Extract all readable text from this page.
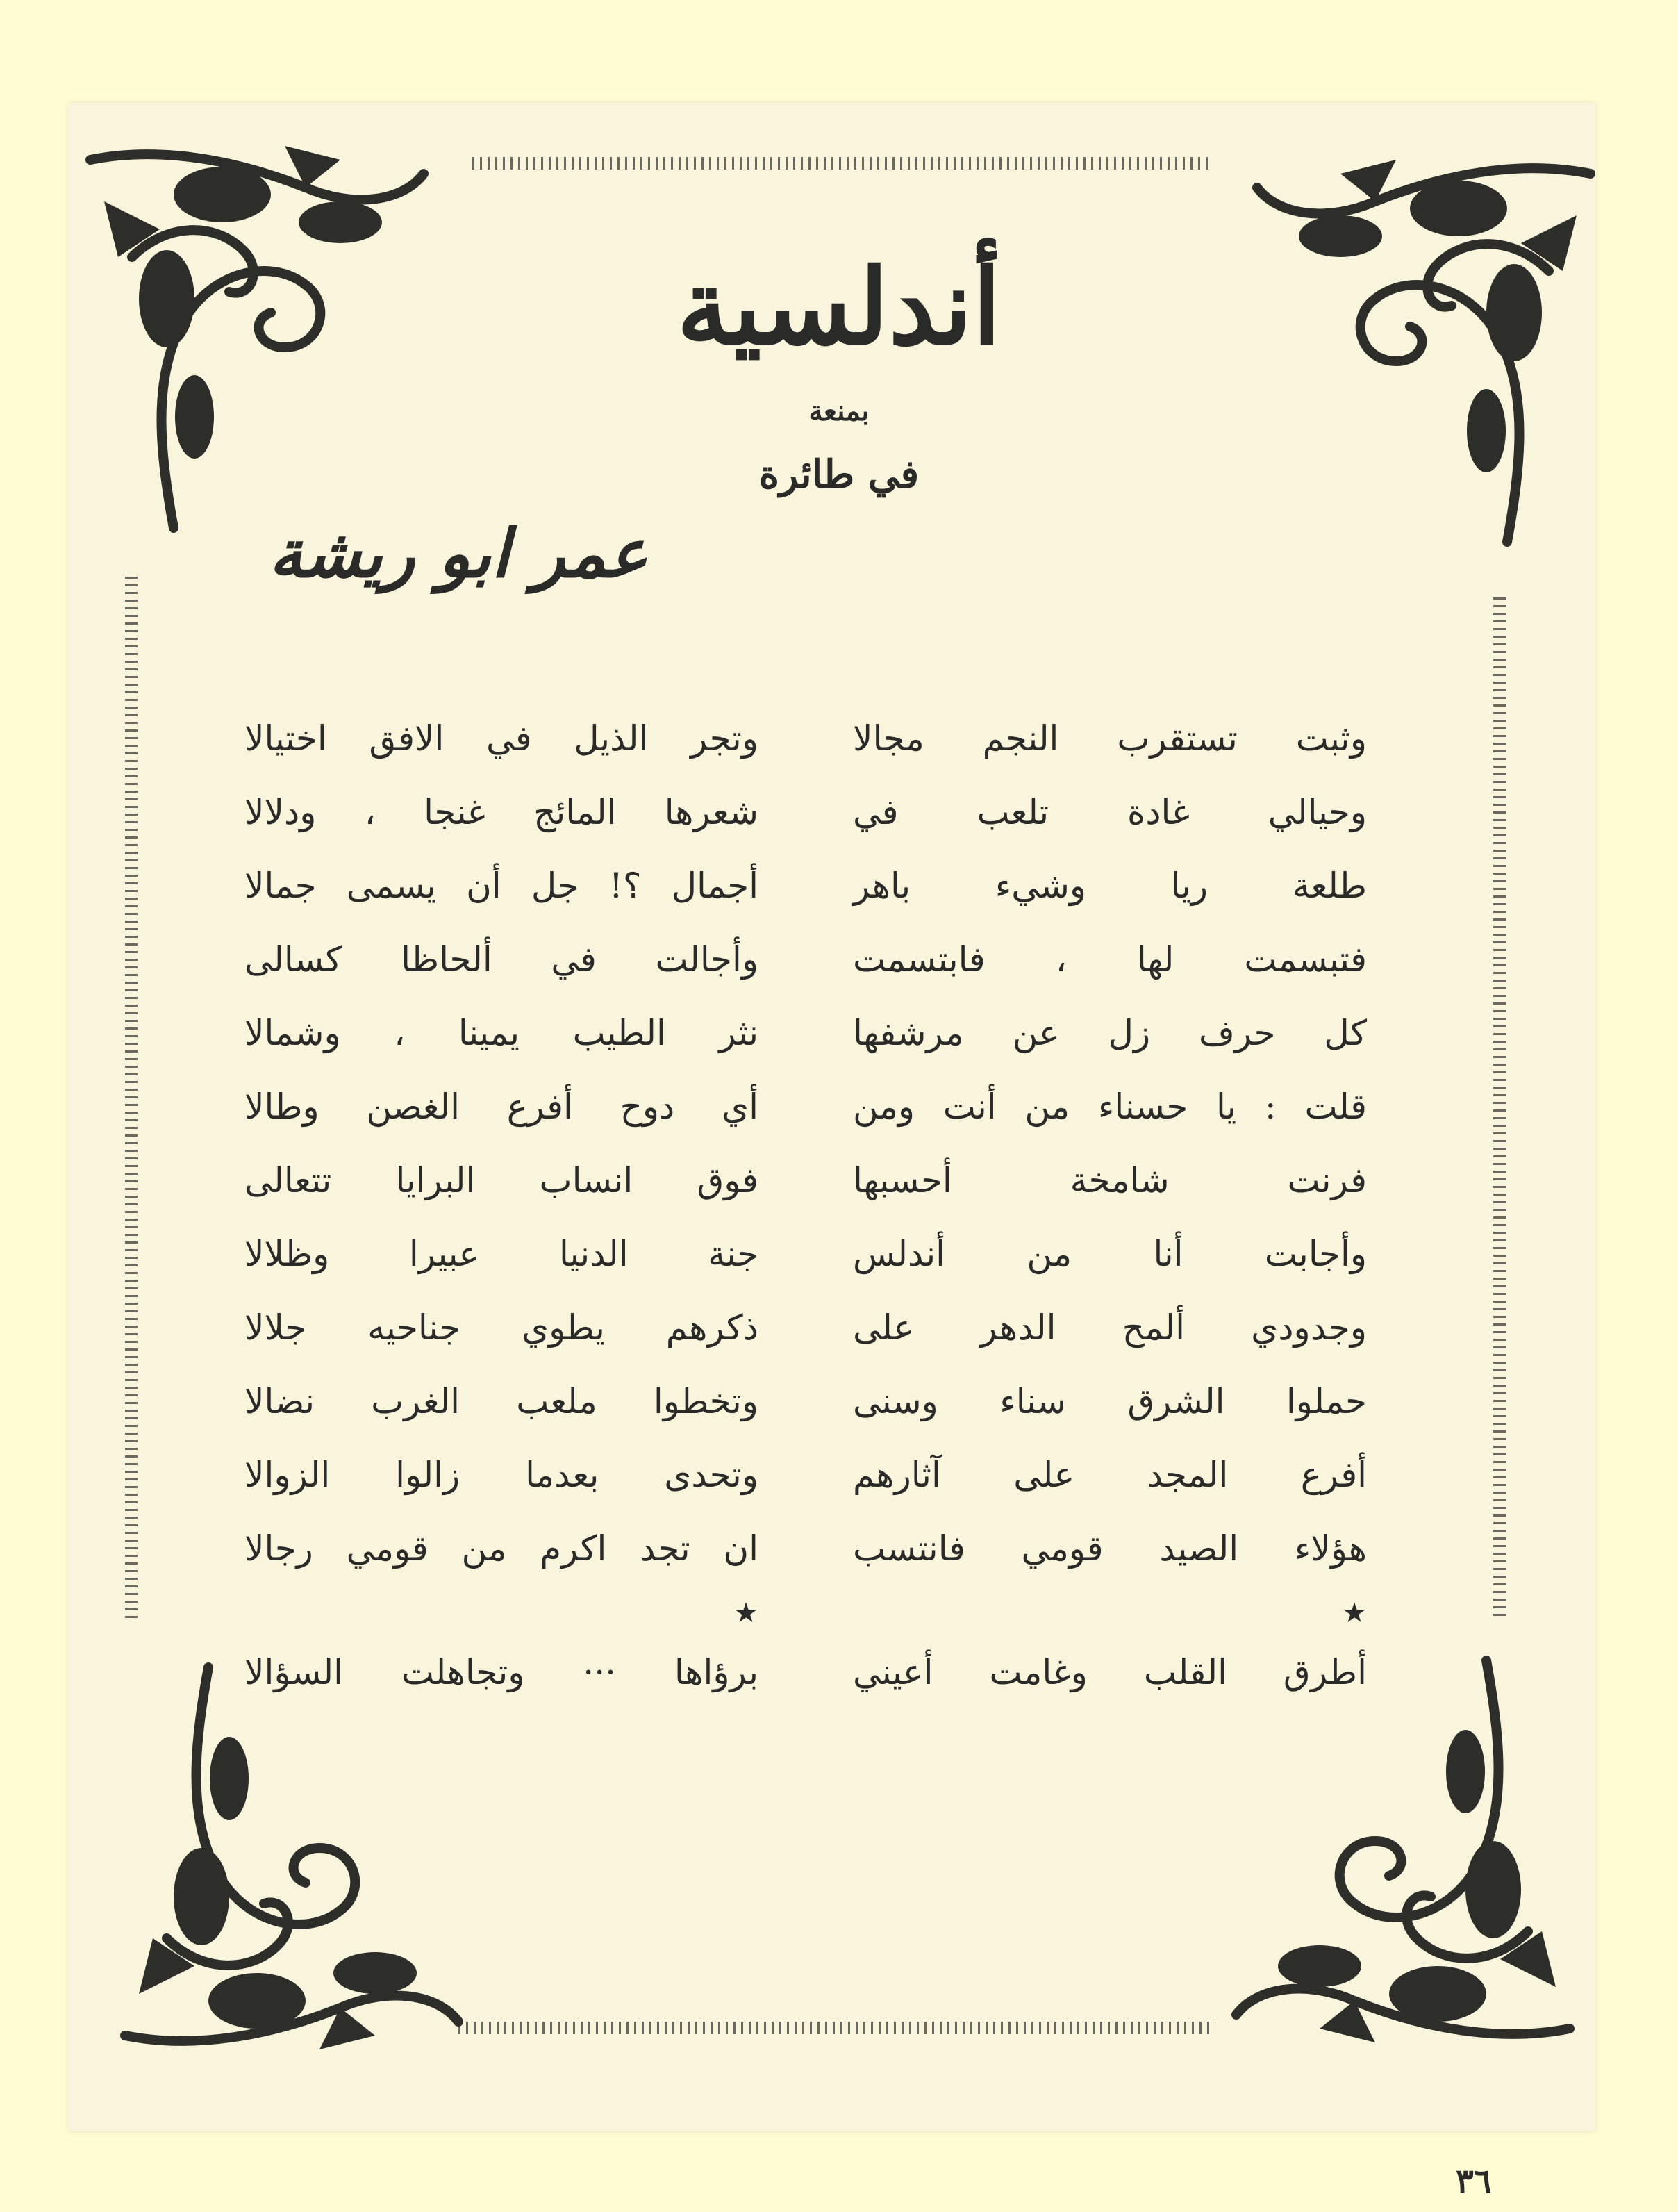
أندلسية
بمنعة
في طائرة
عمر ابو ريشة
وثبت تستقرب النجم مجالا
وحيالي غادة تلعب في
طلعة ريا وشيء باهر
فتبسمت لها ، فابتسمت
كل حرف زل عن مرشفها
قلت : يا حسناء من أنت ومن
فرنت شامخة أحسبها
وأجابت أنا من أندلس
وجدودي ألمح الدهر على
حملوا الشرق سناء وسنى
أفرع المجد على آثارهم
هؤلاء الصيد قومي فانتسب
★
أطرق القلب وغامت أعيني
وتجر الذيل في الافق اختيالا
شعرها المائج غنجا ، ودلالا
أجمال ؟! جل أن يسمى جمالا
وأجالت في ألحاظا كسالى
نثر الطيب يمينا ، وشمالا
أي دوح أفرع الغصن وطالا
فوق انساب البرايا تتعالى
جنة الدنيا عبيرا وظلالا
ذكرهم يطوي جناحيه جلالا
وتخطوا ملعب الغرب نضالا
وتحدى بعدما زالوا الزوالا
ان تجد اكرم من قومي رجالا
★
برؤاها ··· وتجاهلت السؤالا
٣٦
